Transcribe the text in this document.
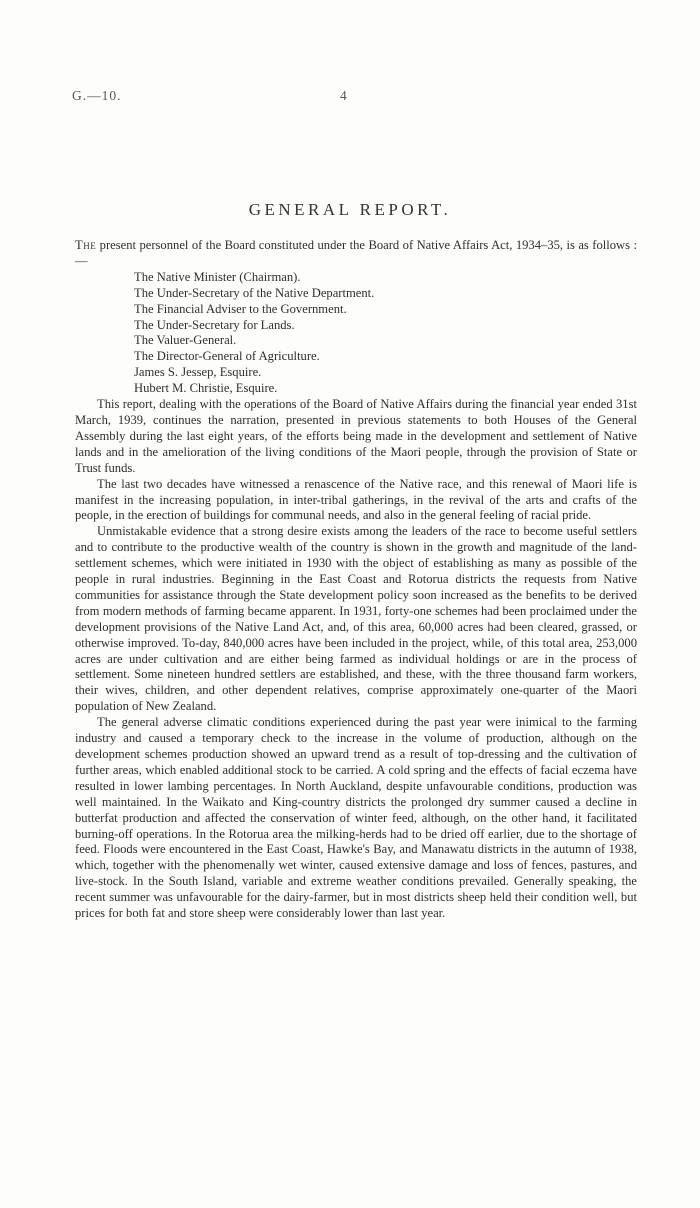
G.—10.	4
GENERAL REPORT.

The present personnel of the Board constituted under the Board of Native Affairs Act, 1934–35, is as follows :—

The Native Minister (Chairman).
The Under-Secretary of the Native Department.
The Financial Adviser to the Government.
The Under-Secretary for Lands.
The Valuer-General.
The Director-General of Agriculture.
James S. Jessep, Esquire.
Hubert M. Christie, Esquire.

This report, dealing with the operations of the Board of Native Affairs during the financial year ended 31st March, 1939, continues the narration, presented in previous statements to both Houses of the General Assembly during the last eight years, of the efforts being made in the development and settlement of Native lands and in the amelioration of the living conditions of the Maori people, through the provision of State or Trust funds.

The last two decades have witnessed a renascence of the Native race, and this renewal of Maori life is manifest in the increasing population, in inter-tribal gatherings, in the revival of the arts and crafts of the people, in the erection of buildings for communal needs, and also in the general feeling of racial pride.

Unmistakable evidence that a strong desire exists among the leaders of the race to become useful settlers and to contribute to the productive wealth of the country is shown in the growth and magnitude of the land-settlement schemes, which were initiated in 1930 with the object of establishing as many as possible of the people in rural industries. Beginning in the East Coast and Rotorua districts the requests from Native communities for assistance through the State development policy soon increased as the benefits to be derived from modern methods of farming became apparent. In 1931, forty-one schemes had been proclaimed under the development provisions of the Native Land Act, and, of this area, 60,000 acres had been cleared, grassed, or otherwise improved. To-day, 840,000 acres have been included in the project, while, of this total area, 253,000 acres are under cultivation and are either being farmed as individual holdings or are in the process of settlement. Some nineteen hundred settlers are established, and these, with the three thousand farm workers, their wives, children, and other dependent relatives, comprise approximately one-quarter of the Maori population of New Zealand.

The general adverse climatic conditions experienced during the past year were inimical to the farming industry and caused a temporary check to the increase in the volume of production, although on the development schemes production showed an upward trend as a result of top-dressing and the cultivation of further areas, which enabled additional stock to be carried. A cold spring and the effects of facial eczema have resulted in lower lambing percentages. In North Auckland, despite unfavourable conditions, production was well maintained. In the Waikato and King-country districts the prolonged dry summer caused a decline in butterfat production and affected the conservation of winter feed, although, on the other hand, it facilitated burning-off operations. In the Rotorua area the milking-herds had to be dried off earlier, due to the shortage of feed. Floods were encountered in the East Coast, Hawke's Bay, and Manawatu districts in the autumn of 1938, which, together with the phenomenally wet winter, caused extensive damage and loss of fences, pastures, and live-stock. In the South Island, variable and extreme weather conditions prevailed. Generally speaking, the recent summer was unfavourable for the dairy-farmer, but in most districts sheep held their condition well, but prices for both fat and store sheep were considerably lower than last year.
